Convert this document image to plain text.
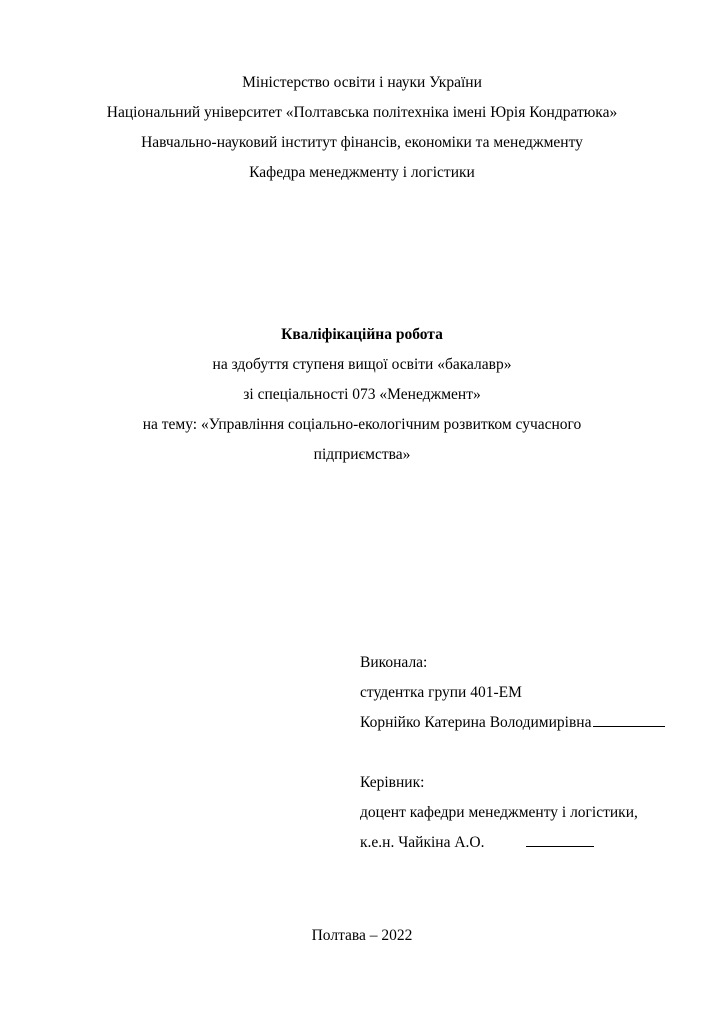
Міністерство освіти і науки України
Національний університет «Полтавська політехніка імені Юрія Кондратюка»
Навчально-науковий інститут фінансів, економіки та менеджменту
Кафедра менеджменту і логістики
Кваліфікаційна робота
на здобуття ступеня вищої освіти «бакалавр»
зі спеціальності 073 «Менеджмент»
на тему: «Управління соціально-екологічним розвитком сучасного підприємства»
Виконала:
студентка групи 401-ЕМ
Корнійко Катерина Володимирівна
Керівник:
доцент кафедри менеджменту і логістики,
к.е.н. Чайкіна А.О.
Полтава – 2022
